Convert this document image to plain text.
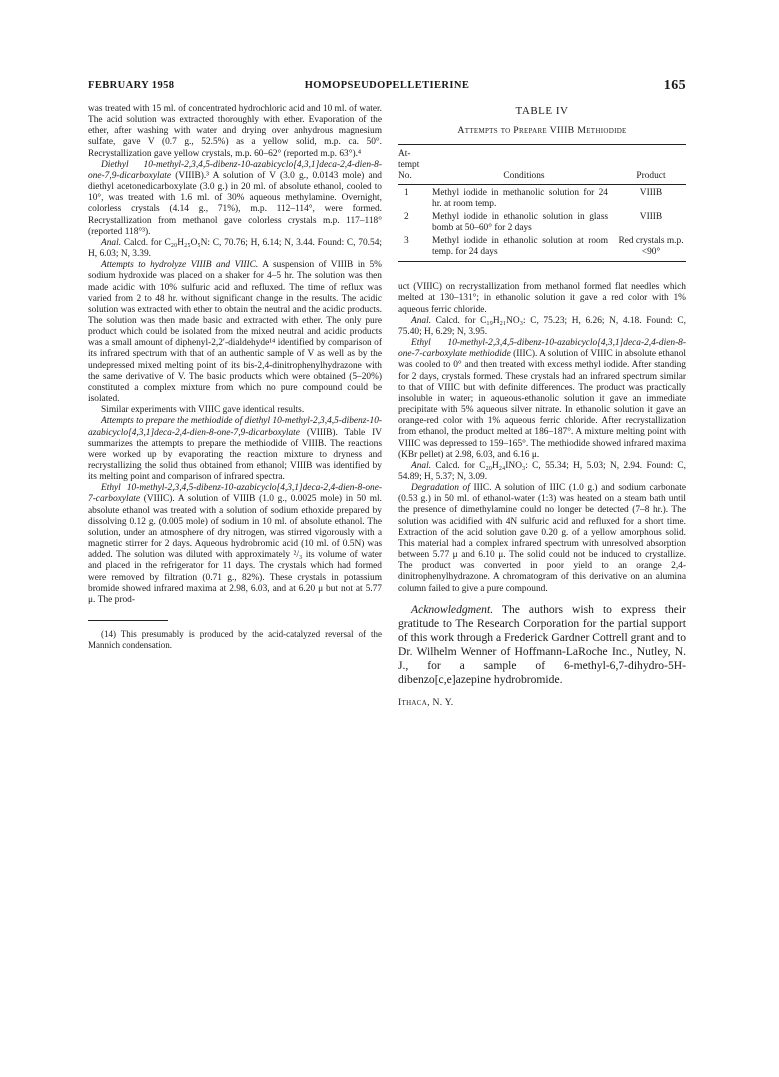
FEBRUARY 1958	HOMOPSEUDOPELLETIERINE	165

was treated with 15 ml. of concentrated hydrochloric acid and 10 ml. of water. The acid solution was extracted thoroughly with ether. Evaporation of the ether, after washing with water and drying over anhydrous magnesium sulfate, gave V (0.7 g., 52.5%) as a yellow solid, m.p. ca. 50°. Recrystallization gave yellow crystals, m.p. 60–62° (reported m.p. 63°).⁴

Diethyl 10-methyl-2,3,4,5-dibenz-10-azabicyclo[4,3,1]deca-2,4-dien-8-one-7,9-dicarboxylate (VIIIB).³ A solution of V (3.0 g., 0.0143 mole) and diethyl acetonedicarboxylate (3.0 g.) in 20 ml. of absolute ethanol, cooled to 10°, was treated with 1.6 ml. of 30% aqueous methylamine. Overnight, colorless crystals (4.14 g., 71%), m.p. 112–114°, were formed. Recrystallization from methanol gave colorless crystals m.p. 117–118° (reported 118°³).

Anal. Calcd. for C₂₀H₂₅O₅N: C, 70.76; H, 6.14; N, 3.44. Found: C, 70.54; H, 6.03; N, 3.39.

Attempts to hydrolyze VIIIB and VIIIC. A suspension of VIIIB in 5% sodium hydroxide was placed on a shaker for 4–5 hr. The solution was then made acidic with 10% sulfuric acid and refluxed. The time of reflux was varied from 2 to 48 hr. without significant change in the results. The acidic solution was extracted with ether to obtain the neutral and the acidic products. The solution was then made basic and extracted with ether. The only pure product which could be isolated from the mixed neutral and acidic products was a small amount of diphenyl-2,2′-dialdehyde¹⁴ identified by comparison of its infrared spectrum with that of an authentic sample of V as well as by the undepressed mixed melting point of its bis-2,4-dinitrophenylhydrazone with the same derivative of V. The basic products which were obtained (5–20%) constituted a complex mixture from which no pure compound could be isolated.

Similar experiments with VIIIC gave identical results.

Attempts to prepare the methiodide of diethyl 10-methyl-2,3,4,5-dibenz-10-azabicyclo[4,3,1]deca-2,4-dien-8-one-7,9-dicarboxylate (VIIIB). Table IV summarizes the attempts to prepare the methiodide of VIIIB. The reactions were worked up by evaporating the reaction mixture to dryness and recrystallizing the solid thus obtained from ethanol; VIIIB was identified by its melting point and comparison of infrared spectra.

Ethyl 10-methyl-2,3,4,5-dibenz-10-azabicyclo[4,3,1]deca-2,4-dien-8-one-7-carboxylate (VIIIC). A solution of VIIIB (1.0 g., 0.0025 mole) in 50 ml. absolute ethanol was treated with a solution of sodium ethoxide prepared by dissolving 0.12 g. (0.005 mole) of sodium in 10 ml. of absolute ethanol. The solution, under an atmosphere of dry nitrogen, was stirred vigorously with a magnetic stirrer for 2 days. Aqueous hydrobromic acid (10 ml. of 0.5N) was added. The solution was diluted with approximately ²/₃ its volume of water and placed in the refrigerator for 11 days. The crystals which had formed were removed by filtration (0.71 g., 82%). These crystals in potassium bromide showed infrared maxima at 2.98, 6.03, and at 6.20 μ but not at 5.77 μ. The prod-

(14) This presumably is produced by the acid-catalyzed reversal of the Mannich condensation.

TABLE IV
Attempts to Prepare VIIIB Methiodide
At-
tempt
No.	Conditions	Product
1	Methyl iodide in methanolic solution for 24 hr. at room temp.	VIIIB
2	Methyl iodide in ethanolic solution in glass bomb at 50–60° for 2 days	VIIIB
3	Methyl iodide in ethanolic solution at room temp. for 24 days	Red crystals m.p. <90°

uct (VIIIC) on recrystallization from methanol formed flat needles which melted at 130–131°; in ethanolic solution it gave a red color with 1% aqueous ferric chloride.

Anal. Calcd. for C₁₉H₂₁NO₃: C, 75.23; H, 6.26; N, 4.18. Found: C, 75.40; H, 6.29; N, 3.95.

Ethyl 10-methyl-2,3,4,5-dibenz-10-azabicyclo[4,3,1]deca-2,4-dien-8-one-7-carboxylate methiodide (IIIC). A solution of VIIIC in absolute ethanol was cooled to 0° and then treated with excess methyl iodide. After standing for 2 days, crystals formed. These crystals had an infrared spectrum similar to that of VIIIC but with definite differences. The product was practically insoluble in water; in aqueous-ethanolic solution it gave an immediate precipitate with 5% aqueous silver nitrate. In ethanolic solution it gave an orange-red color with 1% aqueous ferric chloride. After recrystallization from ethanol, the product melted at 186–187°. A mixture melting point with VIIIC was depressed to 159–165°. The methiodide showed infrared maxima (KBr pellet) at 2.98, 6.03, and 6.16 μ.

Anal. Calcd. for C₂₀H₂₄INO₃: C, 55.34; H, 5.03; N, 2.94. Found: C, 54.89; H, 5.37; N, 3.09.

Degradation of IIIC. A solution of IIIC (1.0 g.) and sodium carbonate (0.53 g.) in 50 ml. of ethanol-water (1:3) was heated on a steam bath until the presence of dimethylamine could no longer be detected (7–8 hr.). The solution was acidified with 4N sulfuric acid and refluxed for a short time. Extraction of the acid solution gave 0.20 g. of a yellow amorphous solid. This material had a complex infrared spectrum with unresolved absorption between 5.77 μ and 6.10 μ. The solid could not be induced to crystallize. The product was converted in poor yield to an orange 2,4-dinitrophenylhydrazone. A chromatogram of this derivative on an alumina column failed to give a pure compound.

Acknowledgment. The authors wish to express their gratitude to The Research Corporation for the partial support of this work through a Frederick Gardner Cottrell grant and to Dr. Wilhelm Wenner of Hoffmann-LaRoche Inc., Nutley, N. J., for a sample of 6-methyl-6,7-dihydro-5H-dibenzo[c,e]azepine hydrobromide.

Ithaca, N. Y.
